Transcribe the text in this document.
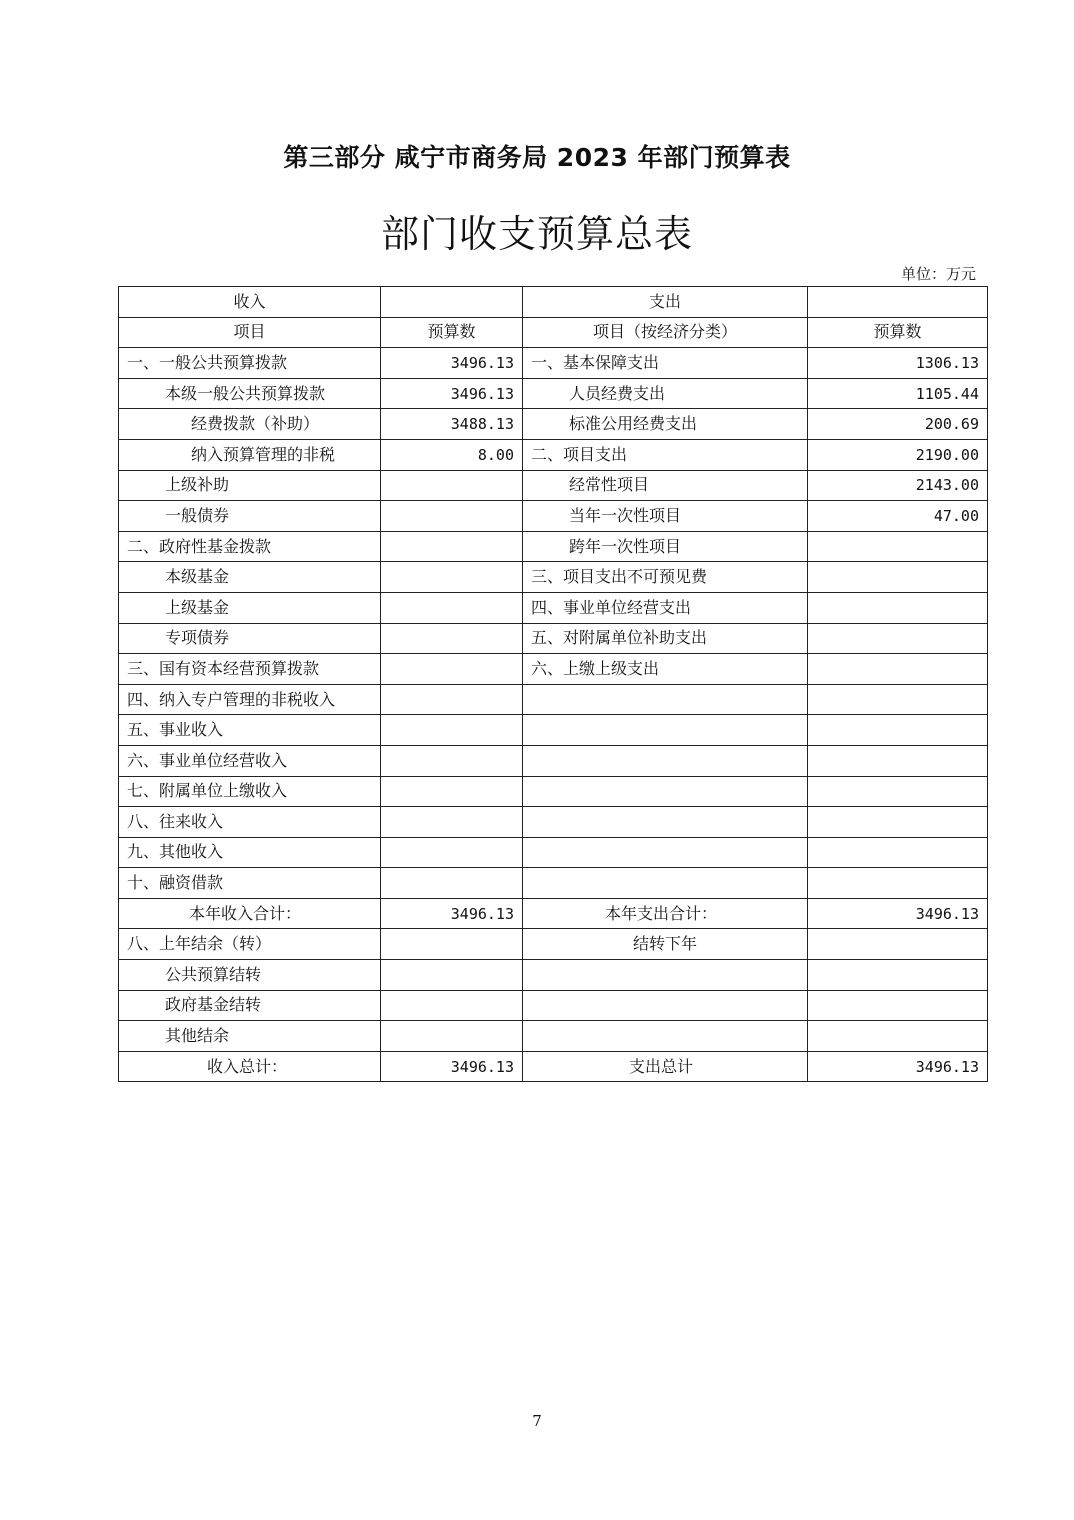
第三部分 咸宁市商务局 2023 年部门预算表
部门收支预算总表
单位：万元
收入		支出	
项目	预算数	项目（按经济分类）	预算数
一、一般公共预算拨款	3496.13	一、基本保障支出	1306.13
本级一般公共预算拨款	3496.13	人员经费支出	1105.44
经费拨款（补助）	3488.13	标准公用经费支出	200.69
纳入预算管理的非税	8.00	二、项目支出	2190.00
上级补助		经常性项目	2143.00
一般债券		当年一次性项目	47.00
二、政府性基金拨款		跨年一次性项目	
本级基金		三、项目支出不可预见费	
上级基金		四、事业单位经营支出	
专项债券		五、对附属单位补助支出	
三、国有资本经营预算拨款		六、上缴上级支出	
四、纳入专户管理的非税收入			
五、事业收入			
六、事业单位经营收入			
七、附属单位上缴收入			
八、往来收入			
九、其他收入			
十、融资借款			
本年收入合计：	3496.13	本年支出合计：	3496.13
八、上年结余（转）		结转下年	
公共预算结转			
政府基金结转			
其他结余			
收入总计：	3496.13	支出总计	3496.13
7
